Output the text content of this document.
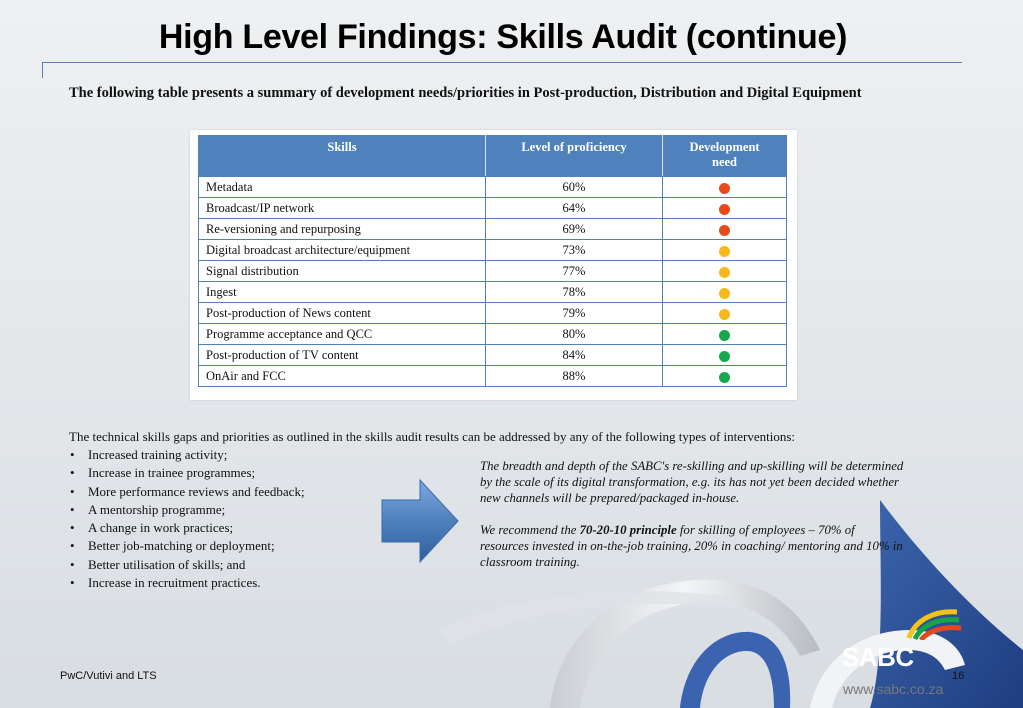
High Level Findings: Skills Audit (continue)
The following table presents a summary of development needs/priorities in Post-production, Distribution and Digital Equipment
Skills	Level of proficiency	Development
need
Metadata	60%	
Broadcast/IP network	64%	
Re-versioning and repurposing	69%	
Digital broadcast architecture/equipment	73%	
Signal distribution	77%	
Ingest	78%	
Post-production of News content	79%	
Programme acceptance and QCC	80%	
Post-production of TV content	84%	
OnAir and FCC	88%	
The technical skills gaps and priorities as outlined in the skills audit results can be addressed by any of the following types of interventions:
• Increased training activity;
• Increase in trainee programmes;
• More performance reviews and feedback;
• A mentorship programme;
• A change in work practices;
• Better job-matching or deployment;
• Better utilisation of skills; and
• Increase in recruitment practices.

The breadth and depth of the SABC's re-skilling and up-skilling will be determined by the scale of its digital transformation, e.g. its has not yet been decided whether new channels will be prepared/packaged in-house.

We recommend the 70-20-10 principle for skilling of employees – 70% of resources invested in on-the-job training, 20% in coaching/ mentoring and 10% in classroom training.

SABC
www.sabc.co.za
PwC/Vutivi and LTS	16
